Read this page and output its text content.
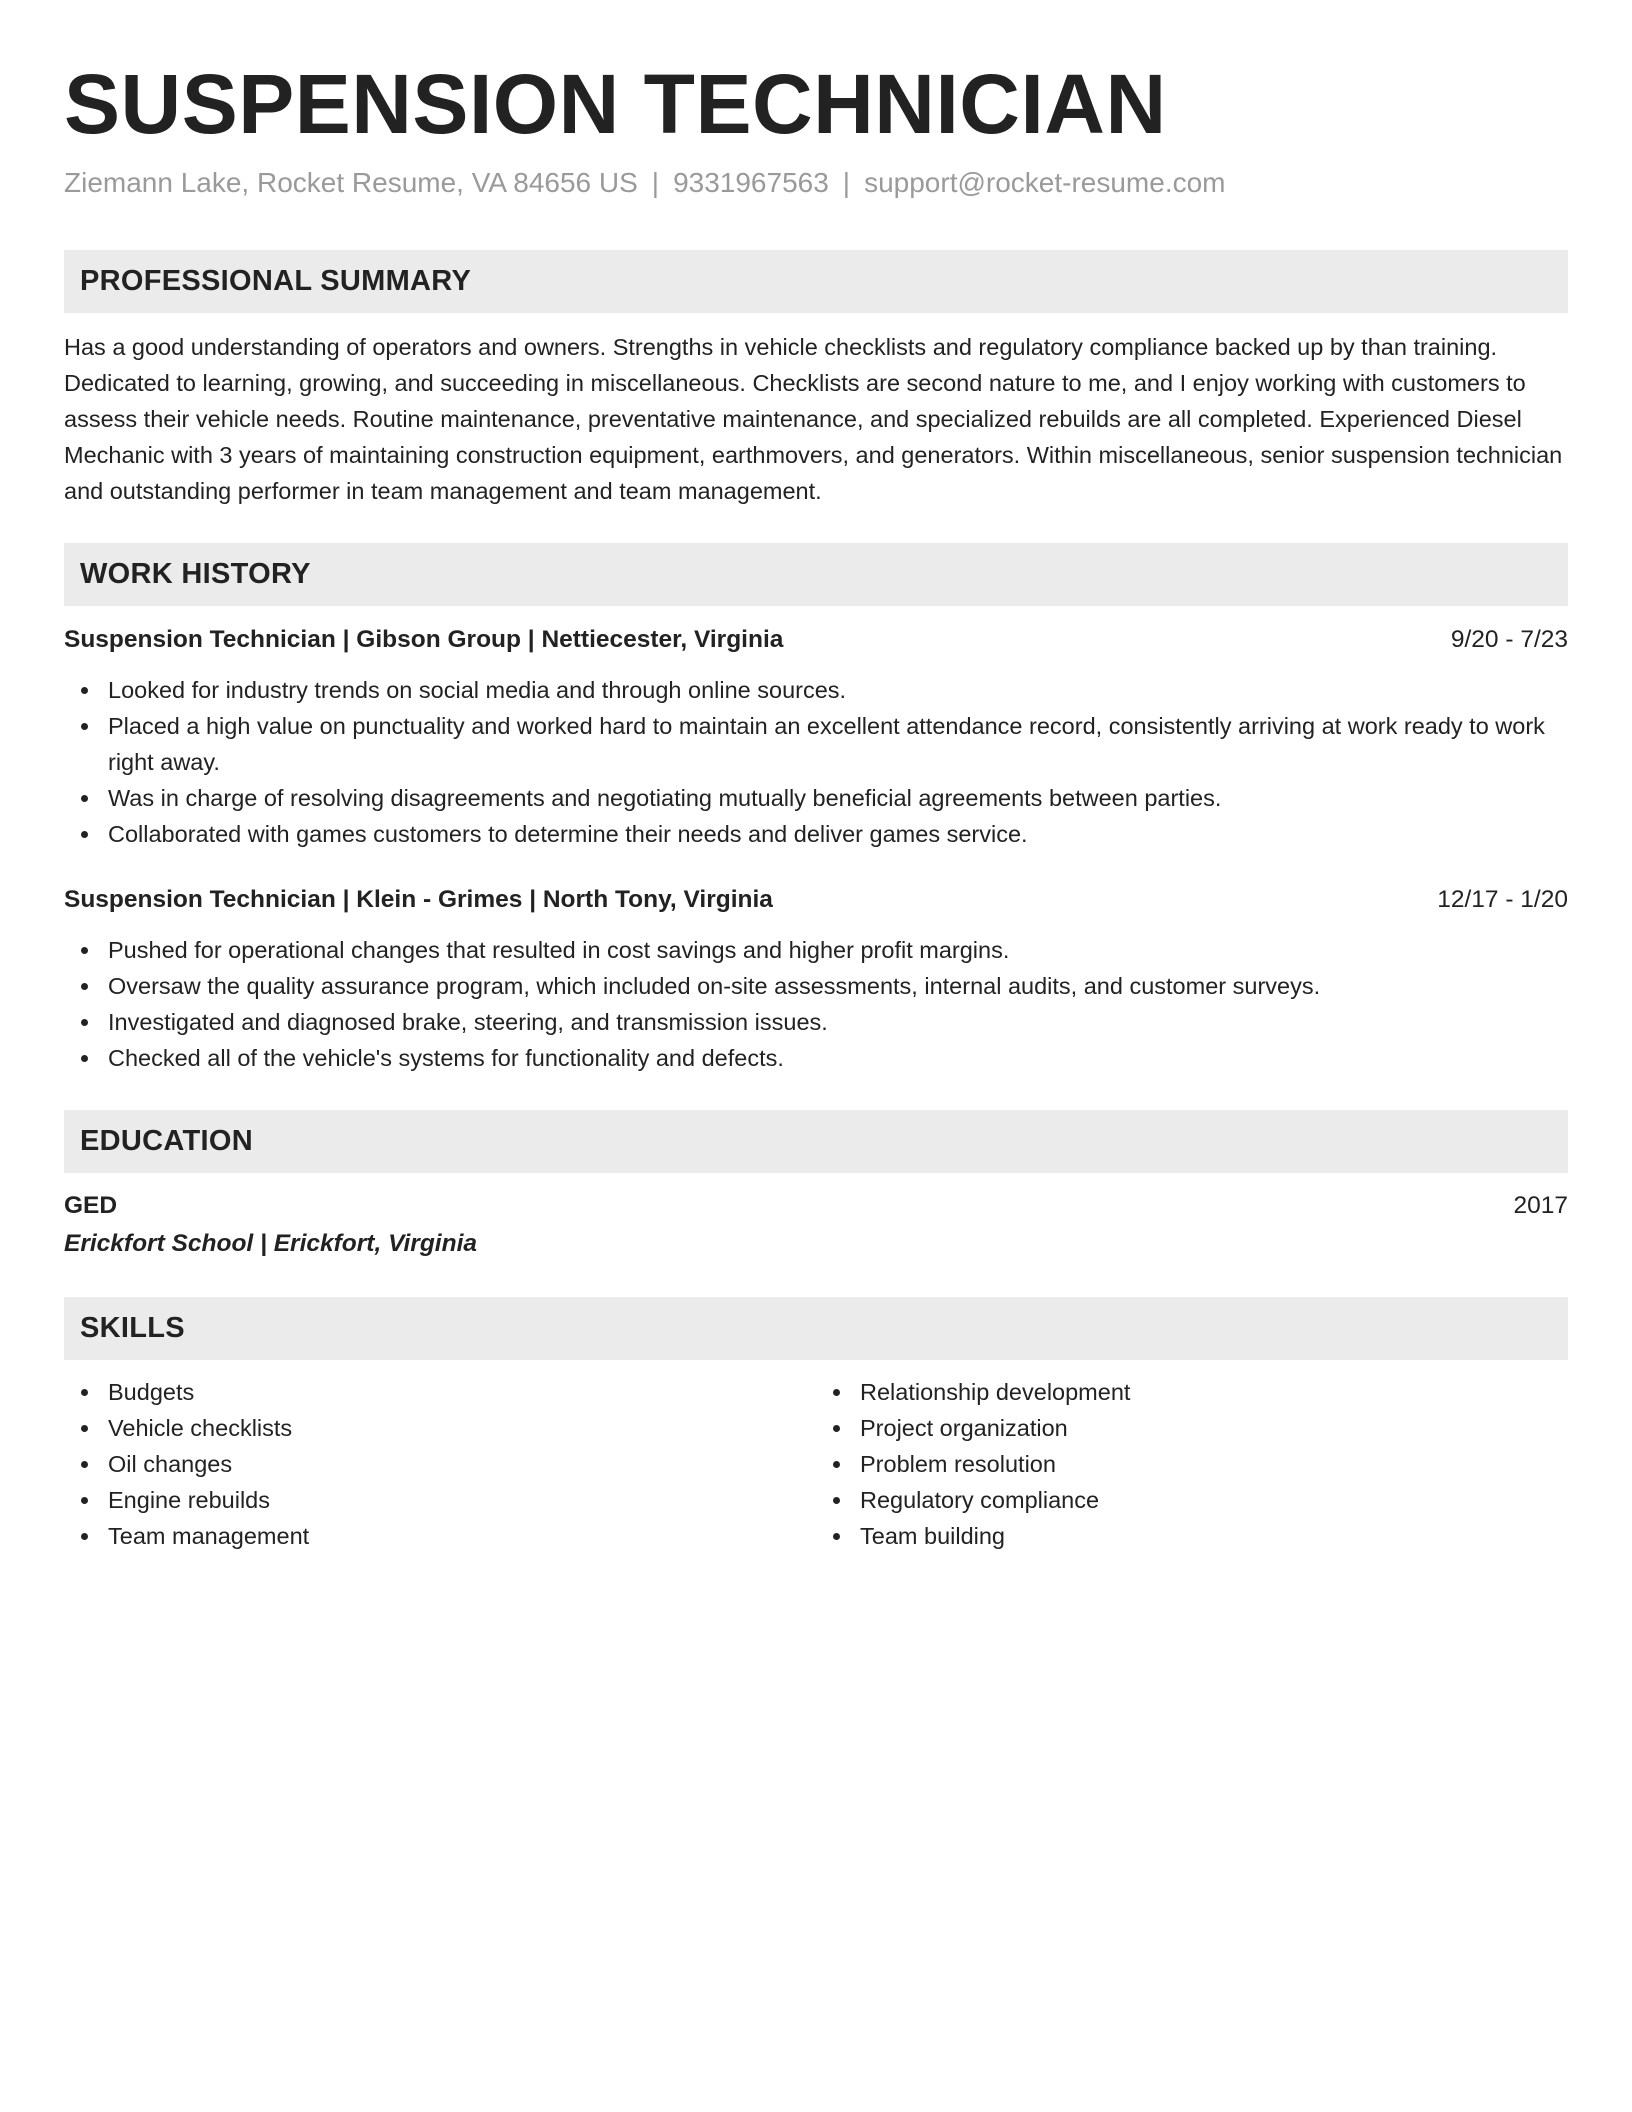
SUSPENSION TECHNICIAN
Ziemann Lake, Rocket Resume, VA 84656 US | 9331967563 | support@rocket-resume.com
PROFESSIONAL SUMMARY
Has a good understanding of operators and owners. Strengths in vehicle checklists and regulatory compliance backed up by than training. Dedicated to learning, growing, and succeeding in miscellaneous. Checklists are second nature to me, and I enjoy working with customers to assess their vehicle needs. Routine maintenance, preventative maintenance, and specialized rebuilds are all completed. Experienced Diesel Mechanic with 3 years of maintaining construction equipment, earthmovers, and generators. Within miscellaneous, senior suspension technician and outstanding performer in team management and team management.
WORK HISTORY
Suspension Technician | Gibson Group | Nettiecester, Virginia	9/20 - 7/23
Looked for industry trends on social media and through online sources.
Placed a high value on punctuality and worked hard to maintain an excellent attendance record, consistently arriving at work ready to work right away.
Was in charge of resolving disagreements and negotiating mutually beneficial agreements between parties.
Collaborated with games customers to determine their needs and deliver games service.
Suspension Technician | Klein - Grimes | North Tony, Virginia	12/17 - 1/20
Pushed for operational changes that resulted in cost savings and higher profit margins.
Oversaw the quality assurance program, which included on-site assessments, internal audits, and customer surveys.
Investigated and diagnosed brake, steering, and transmission issues.
Checked all of the vehicle's systems for functionality and defects.
EDUCATION
GED	2017
Erickfort School | Erickfort, Virginia
SKILLS
Budgets
Vehicle checklists
Oil changes
Engine rebuilds
Team management
Relationship development
Project organization
Problem resolution
Regulatory compliance
Team building
